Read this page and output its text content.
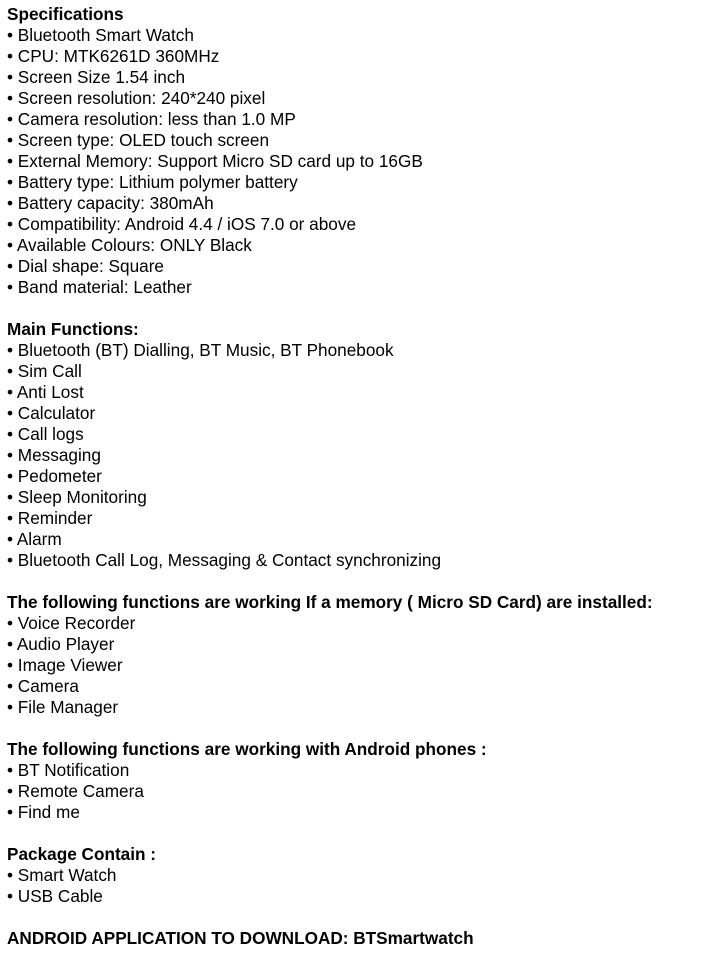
Specifications

• Bluetooth Smart Watch

• CPU: MTK6261D 360MHz

• Screen Size 1.54 inch

• Screen resolution: 240*240 pixel

• Camera resolution: less than 1.0 MP

• Screen type: OLED touch screen

• External Memory: Support Micro SD card up to 16GB

• Battery type: Lithium polymer battery

• Battery capacity: 380mAh

• Compatibility: Android 4.4 / iOS 7.0 or above

• Available Colours: ONLY Black

• Dial shape: Square

• Band material: Leather

Main Functions:

• Bluetooth (BT) Dialling, BT Music, BT Phonebook

• Sim Call

• Anti Lost

• Calculator

• Call logs

• Messaging

• Pedometer

• Sleep Monitoring

• Reminder

• Alarm

• Bluetooth Call Log, Messaging & Contact synchronizing

The following functions are working If a memory ( Micro SD Card) are installed:

• Voice Recorder

• Audio Player

• Image Viewer

• Camera

• File Manager

The following functions are working with Android phones :

• BT Notification

• Remote Camera

• Find me

Package Contain :

• Smart Watch

• USB Cable

ANDROID APPLICATION TO DOWNLOAD: BTSmartwatch
